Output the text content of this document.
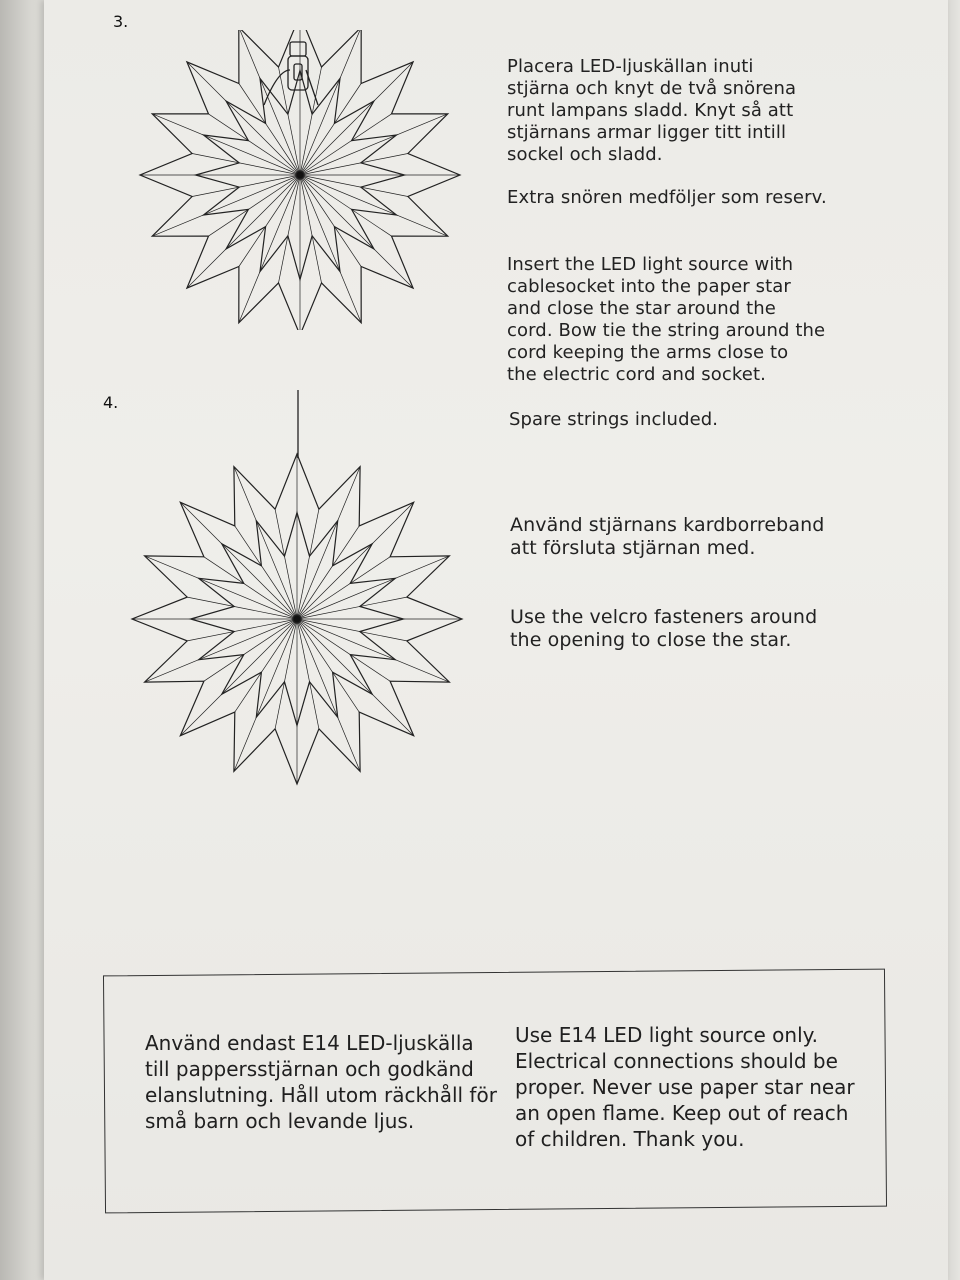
3.

Placera LED-ljuskällan inuti

stjärna och knyt de två snörena

runt lampans sladd. Knyt så att

stjärnans armar ligger titt intill

sockel och sladd.

Extra snören medföljer som reserv.

Insert the LED light source with

cablesocket into the paper star

and close the star around the

cord. Bow tie the string around the

cord keeping the arms close to

the electric cord and socket.

Spare strings included.

4.

Använd stjärnans kardborreband

att försluta stjärnan med.

Use the velcro fasteners around

the opening to close the star.

Använd endast E14 LED-ljuskälla

till pappersstjärnan och godkänd

elanslutning. Håll utom räckhåll för

små barn och levande ljus.

Use E14 LED light source only.

Electrical connections should be

proper. Never use paper star near

an open flame. Keep out of reach

of children. Thank you.
